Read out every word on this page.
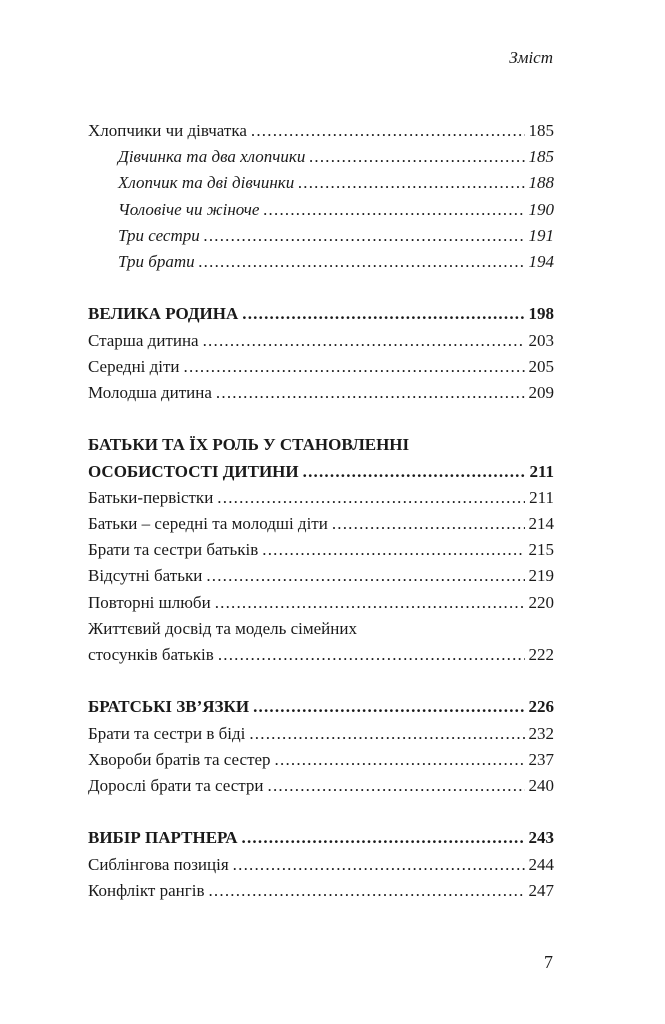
Зміст
Хлопчики чи дівчатка .....	185
Дівчинка та два хлопчики .....	185
Хлопчик та дві дівчинки .....	188
Чоловіче чи жіноче .....	190
Три сестри .....	191
Три брати .....	194
ВЕЛИКА РОДИНА .....	198
Старша дитина .....	203
Середні діти .....	205
Молодша дитина .....	209
БАТЬКИ ТА ЇХ РОЛЬ У СТАНОВЛЕННІ
ОСОБИСТОСТІ ДИТИНИ .....	211
Батьки-первістки .....	211
Батьки – середні та молодші діти .....	214
Брати та сестри батьків .....	215
Відсутні батьки .....	219
Повторні шлюби .....	220
Життєвий досвід та модель сімейних
стосунків батьків .....	222
БРАТСЬКІ ЗВ’ЯЗКИ .....	226
Брати та сестри в біді .....	232
Хвороби братів та сестер .....	237
Дорослі брати та сестри .....	240
ВИБІР ПАРТНЕРА .....	243
Сиблінгова позиція .....	244
Конфлікт рангів .....	247
7
